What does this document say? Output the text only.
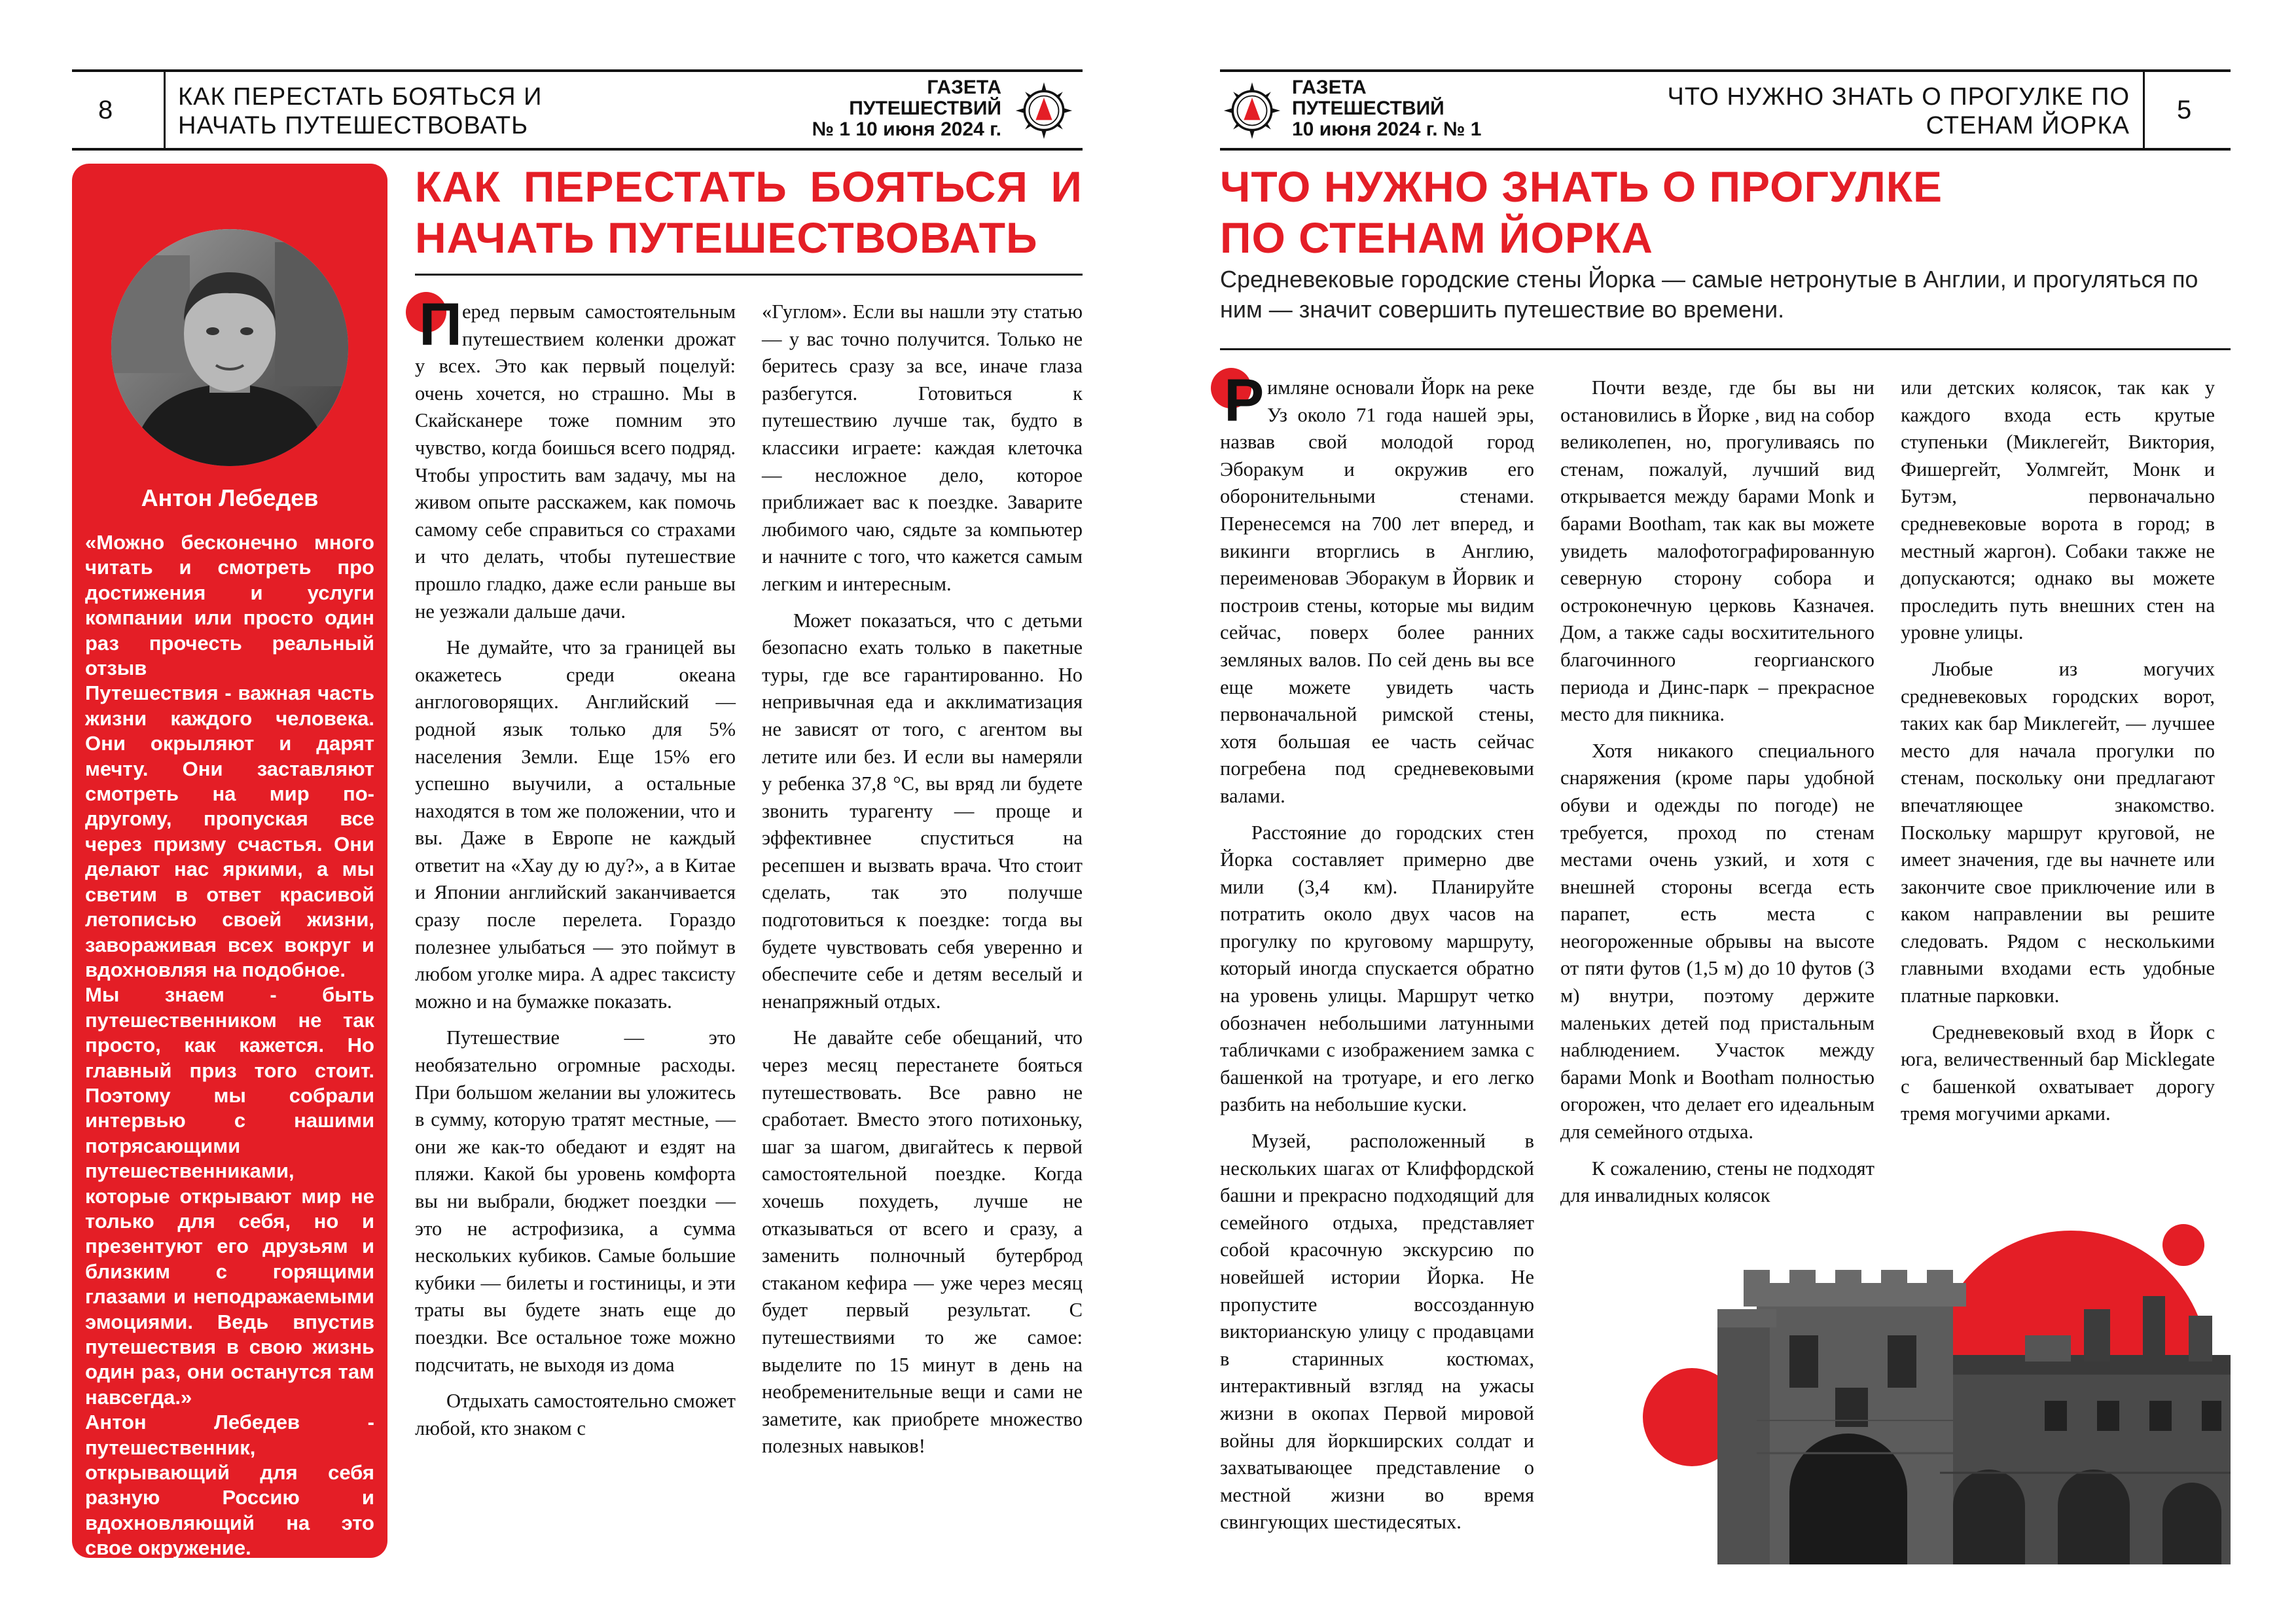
8	КАК ПЕРЕСТАТЬ БОЯТЬСЯ И
НАЧАТЬ ПУТЕШЕСТВОВАТЬ
ГАЗЕТА
ПУТЕШЕСТВИЙ
№ 1 10 июня 2024 г.
Антон Лебедев

«Можно бесконечно много читать и смотреть про достижения и услуги компании или просто один раз прочесть реальный отзыв

Путешествия - важная часть жизни каждого человека. Они окрыляют и дарят мечту. Они заставляют смотреть на мир по-другому, пропуская все через призму счастья. Они делают нас яркими, а мы светим в ответ красивой летописью своей жизни, завораживая всех вокруг и вдохновляя на подобное.

Мы знаем - быть путешественником не так просто, как кажется. Но главный приз того стоит. Поэтому мы собрали интервью с нашими потрясающими путешественниками, которые открывают мир не только для себя, но и презентуют его друзьям и близким с горящими глазами и неподражаемыми эмоциями. Ведь впустив путешествия в свою жизнь один раз, они останутся там навсегда.»

Антон Лебедев - путешественник, открывающий для себя разную Россию и вдохновляющий на это свое окружение.

КАК ПЕРЕСТАТЬ БОЯТЬСЯ И
НАЧАТЬ ПУТЕШЕСТВОВАТЬ

П еред первым самостоятельным путешествием коленки дрожат у всех. Это как первый поцелуй: очень хочется, но страшно. Мы в Скайсканере тоже помним это чувство, когда боишься всего подряд. Чтобы упростить вам задачу, мы на живом опыте расскажем, как помочь самому себе справиться со страхами и что делать, чтобы путешествие прошло гладко, даже если раньше вы не уезжали дальше дачи.

Не думайте, что за границей вы окажетесь среди океана англоговорящих. Английский — родной язык только для 5% населения Земли. Еще 15% его успешно выучили, а остальные находятся в том же положении, что и вы. Даже в Европе не каждый ответит на «Хау ду ю ду?», а в Китае и Японии английский заканчивается сразу после перелета. Гораздо полезнее улыбаться — это поймут в любом уголке мира. А адрес таксисту можно и на бумажке показать.

Путешествие — это необязательно огромные расходы. При большом желании вы уложитесь в сумму, которую тратят местные, — они же как-то обедают и ездят на пляжи. Какой бы уровень комфорта вы ни выбрали, бюджет поездки — это не астрофизика, а сумма нескольких кубиков. Самые большие кубики — билеты и гостиницы, и эти траты вы будете знать еще до поездки. Все остальное тоже можно подсчитать, не выходя из дома

Отдыхать самостоятельно сможет любой, кто знаком с

«Гуглом». Если вы нашли эту статью — у вас точно получится. Только не беритесь сразу за все, иначе глаза разбегутся. Готовиться к путешествию лучше так, будто в классики играете: каждая клеточка — несложное дело, которое приближает вас к поездке. Заварите любимого чаю, сядьте за компьютер и начните с того, что кажется самым легким и интересным.

Может показаться, что с детьми безопасно ехать только в пакетные туры, где все гарантированно. Но непривычная еда и акклиматизация не зависят от того, с агентом вы летите или без. И если вы намеряли у ребенка 37,8 °С, вы вряд ли будете звонить турагенту — проще и эффективнее спуститься на ресепшен и вызвать врача. Что стоит сделать, так это получше подготовиться к поездке: тогда вы будете чувствовать себя увереннo и обеспечите себе и детям веселый и ненапряжный отдых.

Не давайте себе обещаний, что через месяц перестанете бояться путешествовать. Все равно не сработает. Вместо этого потихоньку, шаг за шагом, двигайтесь к первой самостоятельной поездке. Когда хочешь похудеть, лучше не отказываться от всего и сразу, а заменить полночный бутерброд стаканом кефира — уже через месяц будет первый результат. С путешествиями то же самое: выделите по 15 минут в день на необременительные вещи и сами не заметите, как приобрете множество полезных навыков!

ГАЗЕТА
ПУТЕШЕСТВИЙ
10 июня 2024 г. № 1
ЧТО НУЖНО ЗНАТЬ О ПРОГУЛКЕ ПО
СТЕНАМ ЙОРКА
5
ЧТО НУЖНО ЗНАТЬ О ПРОГУЛКЕ
ПО СТЕНАМ ЙОРКА
Средневековые городские стены Йорка — самые нетронутые в Англии, и прогуляться по ним — значит совершить путешествие во времени.

Р имляне основали Йорк на реке Уз около 71 года нашей эры, назвав свой молодой город Эборакум и окружив его оборонительными стенами. Перенесемся на 700 лет вперед, и викинги вторглись в Англию, переименовав Эборакум в Йорвик и построив стены, которые мы видим сейчас, поверх более ранних земляных валов. По сей день вы все еще можете увидеть часть первоначальной римской стены, хотя большая ее часть сейчас погребена под средневековыми валами.

Расстояние до городских стен Йорка составляет примерно две мили (3,4 км). Планируйте потратить около двух часов на прогулку по круговому маршруту, который иногда спускается обратно на уровень улицы. Маршрут четко обозначен небольшими латунными табличками с изображением замка с башенкой на тротуаре, и его легко разбить на небольшие куски.

Музей, расположенный в нескольких шагах от Клиффордской башни и прекрасно подходящий для семейного отдыха, представляет собой красочную экскурсию по новейшей истории Йорка. Не пропустите воссозданную викторианскую улицу с продавцами в старинных костюмах, интерактивный взгляд на ужасы жизни в окопах Первой мировой войны для йоркширских солдат и захватывающее представление о местной жизни во время свингующих шестидесятых.

Почти везде, где бы вы ни остановились в Йорке , вид на собор великолепен, но, прогуливаясь по стенам, пожалуй, лучший вид открывается между барами Monk и барами Bootham, так как вы можете увидеть малофотографированную северную сторону собора и остроконечную церковь Казначея. Дом, а также сады восхитительного благочинного георгианского периода и Динс-парк – прекрасное место для пикника.

Хотя никакого специального снаряжения (кроме пары удобной обуви и одежды по погоде) не требуется, проход по стенам местами очень узкий, и хотя с внешней стороны всегда есть парапет, есть места с неогороженные обрывы на высоте от пяти футов (1,5 м) до 10 футов (3 м) внутри, поэтому держите маленьких детей под пристальным наблюдением. Участок между барами Monk и Bootham полностью огорожен, что делает его идеальным для семейного отдыха.

К сожалению, стены не подходят для инвалидных колясок

или детских колясок, так как у каждого входа есть крутые ступеньки (Миклегейт, Виктория, Фишергейт, Уолмгейт, Монк и Бутэм, первоначально средневековые ворота в город; в местный жаргон). Собаки также не допускаются; однако вы можете проследить путь внешних стен на уровне улицы.

Любые из могучих средневековых городских ворот, таких как бар Миклегейт, — лучшее место для начала прогулки по стенам, поскольку они предлагают впечатляющее знакомство. Поскольку маршрут круговой, не имеет значения, где вы начнете или закончите свое приключение или в каком направлении вы решите следовать. Рядом с несколькими главными входами есть удобные платные парковки.

Средневековый вход в Йорк с юга, величественный бар Micklegate с башенкой охватывает дорогу тремя могучими арками.
